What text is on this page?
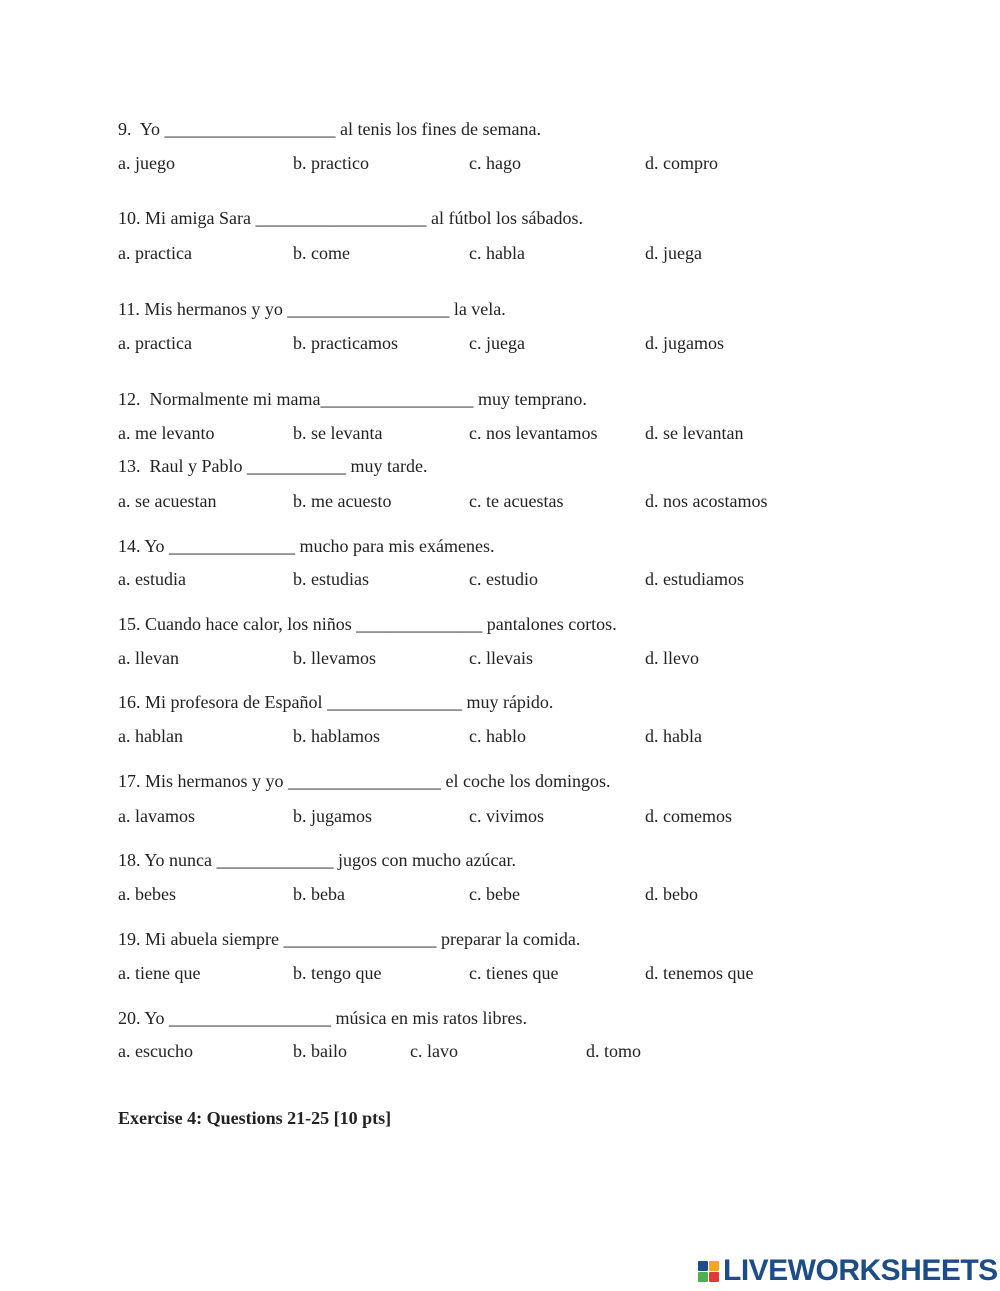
9.  Yo ___________________ al tenis los fines de semana.
a. juego	b. practico	c. hago	d. compro
10. Mi amiga Sara ___________________ al fútbol los sábados.
a. practica	b. come	c. habla	d. juega
11. Mis hermanos y yo __________________ la vela.
a. practica	b. practicamos	c. juega	d. jugamos
12.  Normalmente mi mama_________________ muy temprano.
a. me levanto	b. se levanta	c. nos levantamos	d. se levantan
13.  Raul y Pablo ___________ muy tarde.
a. se acuestan	b. me acuesto	c. te acuestas	d. nos acostamos
14. Yo ______________ mucho para mis exámenes.
a. estudia	b. estudias	c. estudio	d. estudiamos
15. Cuando hace calor, los niños ______________ pantalones cortos.
a. llevan	b. llevamos	c. llevais	d. llevo
16. Mi profesora de Español _______________ muy rápido.
a. hablan	b. hablamos	c. hablo	d. habla
17. Mis hermanos y yo _________________ el coche los domingos.
a. lavamos	b. jugamos	c. vivimos	d. comemos
18. Yo nunca _____________ jugos con mucho azúcar.
a. bebes	b. beba	c. bebe	d. bebo
19. Mi abuela siempre _________________ preparar la comida.
a. tiene que	b. tengo que	c. tienes que	d. tenemos que
20. Yo __________________ música en mis ratos libres.
a. escucho	b. bailo	c. lavo	d. tomo
Exercise 4: Questions 21-25 [10 pts]
LIVEWORKSHEETS
